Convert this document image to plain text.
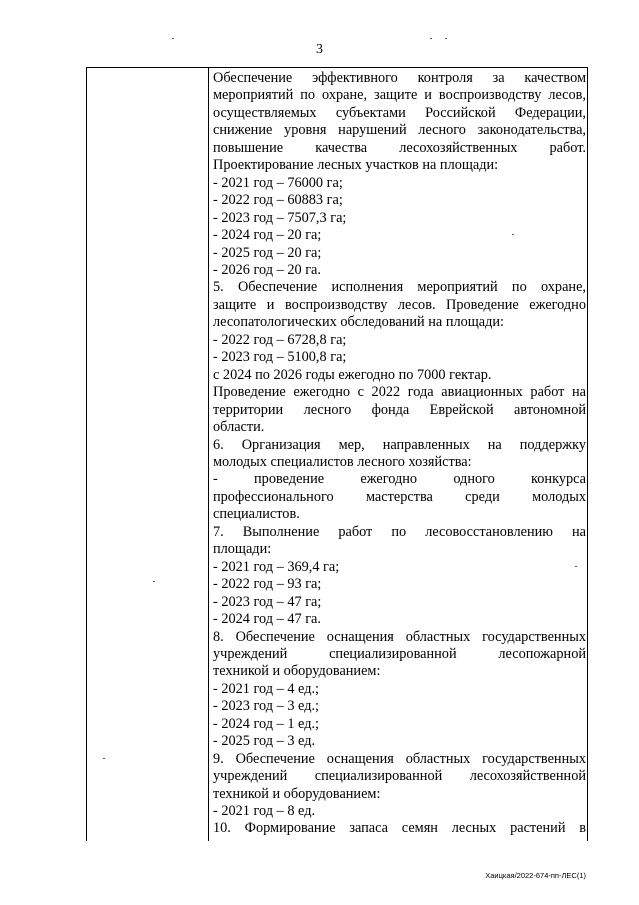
3
Обеспечение эффективного контроля за качеством
мероприятий по охране, защите и воспроизводству лесов,
осуществляемых субъектами Российской Федерации,
снижение уровня нарушений лесного законодательства,
повышение качества лесохозяйственных работ.
Проектирование лесных участков на площади:
- 2021 год – 76000 га;
- 2022 год – 60883 га;
- 2023 год – 7507,3 га;
- 2024 год – 20 га;
- 2025 год – 20 га;
- 2026 год – 20 га.
5. Обеспечение исполнения мероприятий по охране,
защите и воспроизводству лесов. Проведение ежегодно
лесопатологических обследований на площади:
- 2022 год – 6728,8 га;
- 2023 год – 5100,8 га;
с 2024 по 2026 годы ежегодно по 7000 гектар.
Проведение ежегодно с 2022 года авиационных работ на
территории лесного фонда Еврейской автономной
области.
6. Организация мер, направленных на поддержку
молодых специалистов лесного хозяйства:
- проведение ежегодно одного конкурса
профессионального мастерства среди молодых
специалистов.
7. Выполнение работ по лесовосстановлению на
площади:
- 2021 год – 369,4 га;
- 2022 год – 93 га;
- 2023 год – 47 га;
- 2024 год – 47 га.
8. Обеспечение оснащения областных государственных
учреждений специализированной лесопожарной
техникой и оборудованием:
- 2021 год – 4 ед.;
- 2023 год – 3 ед.;
- 2024 год – 1 ед.;
- 2025 год – 3 ед.
9. Обеспечение оснащения областных государственных
учреждений специализированной лесохозяйственной
техникой и оборудованием:
- 2021 год – 8 ед.
10. Формирование запаса семян лесных растений в
Хаицкая/2022-674-пп-ЛЕС(1)
